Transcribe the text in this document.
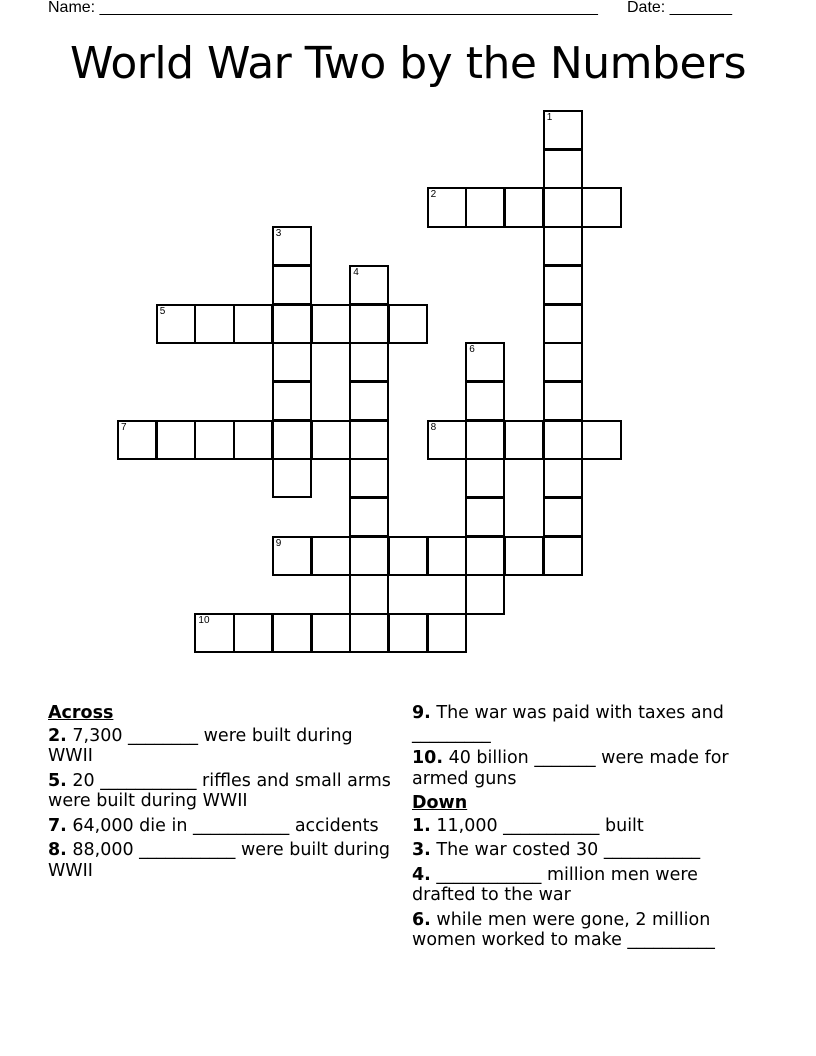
Name: ________________________________________________________ Date: _______
World War Two by the Numbers
1
2
3
4
5
6
7	8
9
10
Across
2. 7,300 ________ were built during WWII
5. 20 ___________ riffles and small arms were built during WWII
7. 64,000 die in ___________ accidents
8. 88,000 ___________ were built during WWII
9. The war was paid with taxes and _________
10. 40 billion _______ were made for armed guns
Down
1. 11,000 ___________ built
3. The war costed 30 ___________
4. ____________ million men were drafted to the war
6. while men were gone, 2 million women worked to make __________
